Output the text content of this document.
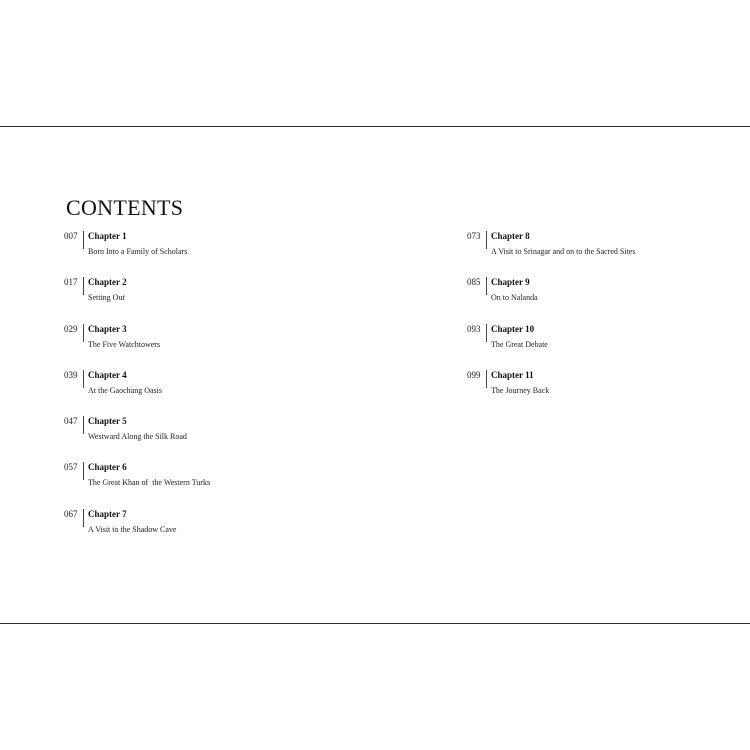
CONTENTS
007 Chapter 1
Born Into a Family of Scholars
017 Chapter 2
Setting Out
029 Chapter 3
The Five Watchtowers
039 Chapter 4
At the Gaochang Oasis
047 Chapter 5
Westward Along the Silk Road
057 Chapter 6
The Great Khan of  the Western Turks
067 Chapter 7
A Visit to the Shadow Cave
073 Chapter 8
A Visit to Srinagar and on to the Sacred Sites
085 Chapter 9
On to Nalanda
093 Chapter 10
The Great Debate
099 Chapter 11
The Journey Back
